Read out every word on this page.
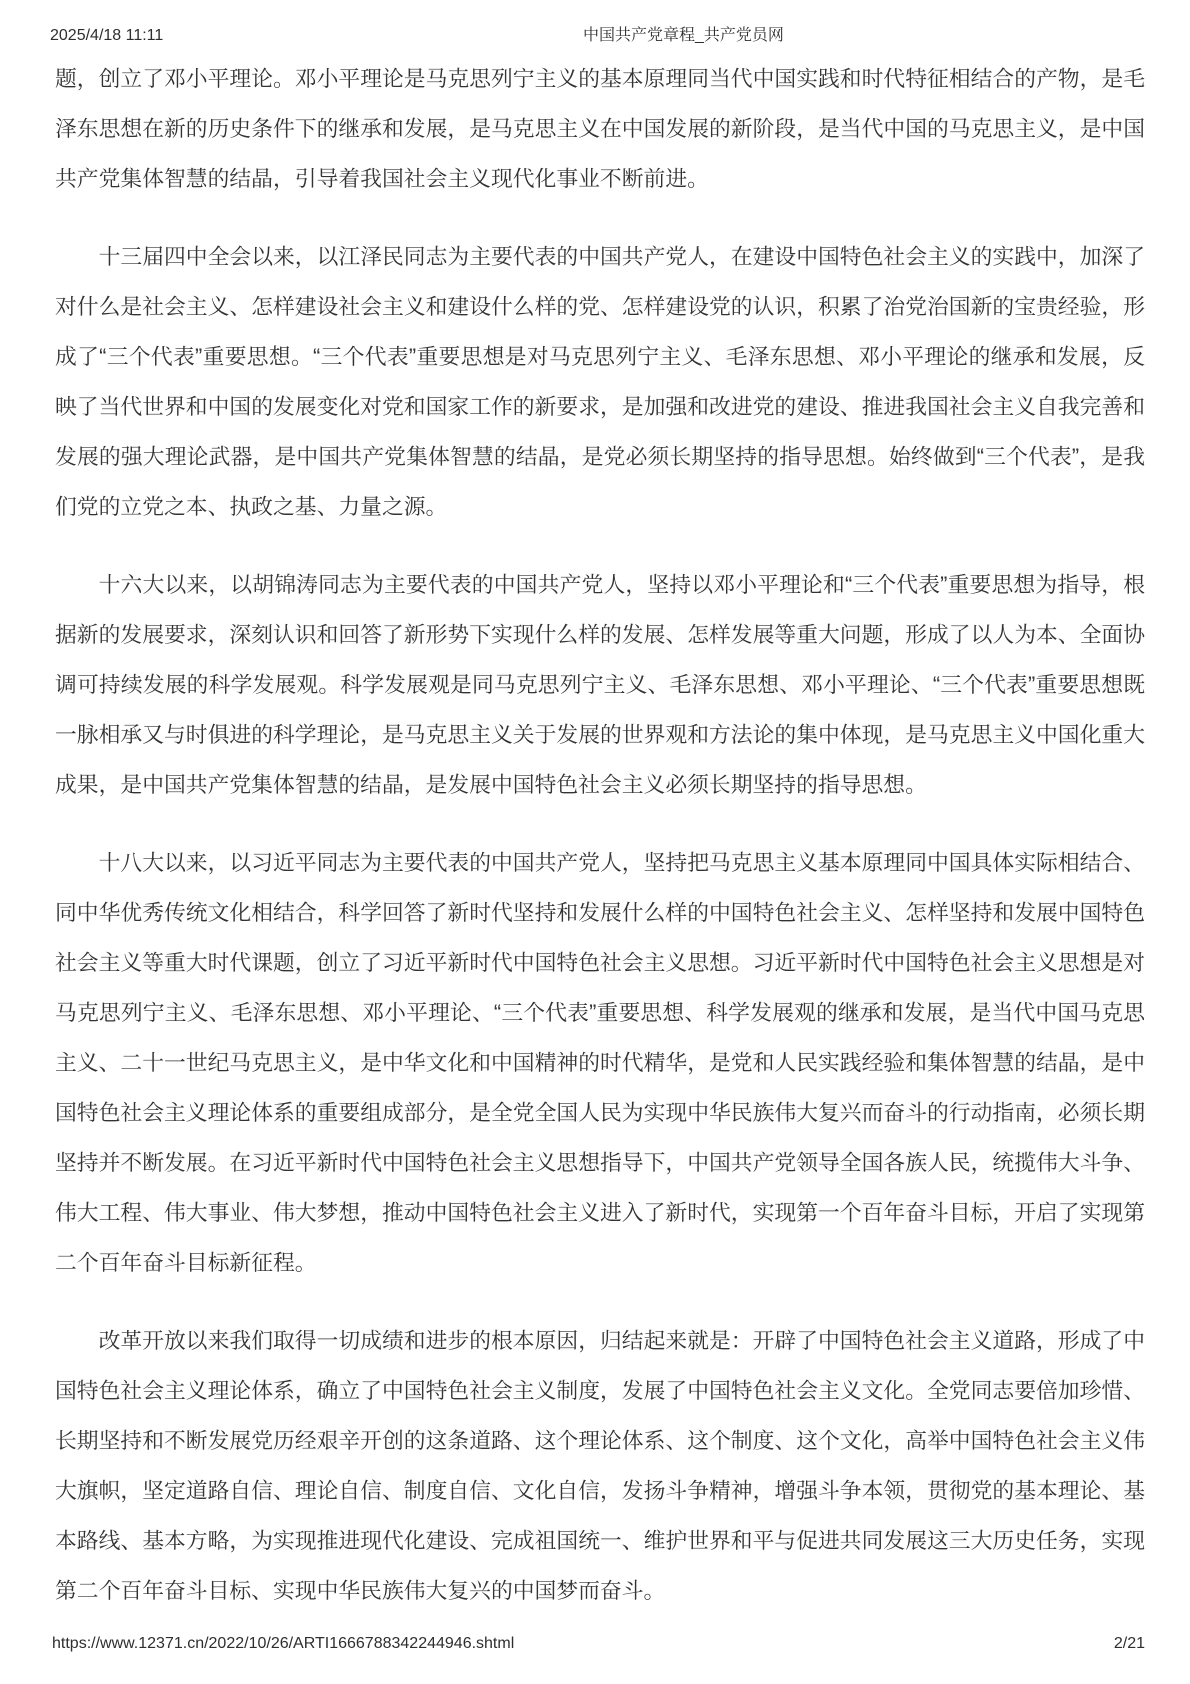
2025/4/18 11:11	中国共产党章程_共产党员网

题，创立了邓小平理论。邓小平理论是马克思列宁主义的基本原理同当代中国实践和时代特征相结合的产物，是毛泽东思想在新的历史条件下的继承和发展，是马克思主义在中国发展的新阶段，是当代中国的马克思主义，是中国共产党集体智慧的结晶，引导着我国社会主义现代化事业不断前进。

十三届四中全会以来，以江泽民同志为主要代表的中国共产党人，在建设中国特色社会主义的实践中，加深了对什么是社会主义、怎样建设社会主义和建设什么样的党、怎样建设党的认识，积累了治党治国新的宝贵经验，形成了“三个代表”重要思想。“三个代表”重要思想是对马克思列宁主义、毛泽东思想、邓小平理论的继承和发展，反映了当代世界和中国的发展变化对党和国家工作的新要求，是加强和改进党的建设、推进我国社会主义自我完善和发展的强大理论武器，是中国共产党集体智慧的结晶，是党必须长期坚持的指导思想。始终做到“三个代表”，是我们党的立党之本、执政之基、力量之源。

十六大以来，以胡锦涛同志为主要代表的中国共产党人，坚持以邓小平理论和“三个代表”重要思想为指导，根据新的发展要求，深刻认识和回答了新形势下实现什么样的发展、怎样发展等重大问题，形成了以人为本、全面协调可持续发展的科学发展观。科学发展观是同马克思列宁主义、毛泽东思想、邓小平理论、“三个代表”重要思想既一脉相承又与时俱进的科学理论，是马克思主义关于发展的世界观和方法论的集中体现，是马克思主义中国化重大成果，是中国共产党集体智慧的结晶，是发展中国特色社会主义必须长期坚持的指导思想。

十八大以来，以习近平同志为主要代表的中国共产党人，坚持把马克思主义基本原理同中国具体实际相结合、同中华优秀传统文化相结合，科学回答了新时代坚持和发展什么样的中国特色社会主义、怎样坚持和发展中国特色社会主义等重大时代课题，创立了习近平新时代中国特色社会主义思想。习近平新时代中国特色社会主义思想是对马克思列宁主义、毛泽东思想、邓小平理论、“三个代表”重要思想、科学发展观的继承和发展，是当代中国马克思主义、二十一世纪马克思主义，是中华文化和中国精神的时代精华，是党和人民实践经验和集体智慧的结晶，是中国特色社会主义理论体系的重要组成部分，是全党全国人民为实现中华民族伟大复兴而奋斗的行动指南，必须长期坚持并不断发展。在习近平新时代中国特色社会主义思想指导下，中国共产党领导全国各族人民，统揽伟大斗争、伟大工程、伟大事业、伟大梦想，推动中国特色社会主义进入了新时代，实现第一个百年奋斗目标，开启了实现第二个百年奋斗目标新征程。

改革开放以来我们取得一切成绩和进步的根本原因，归结起来就是：开辟了中国特色社会主义道路，形成了中国特色社会主义理论体系，确立了中国特色社会主义制度，发展了中国特色社会主义文化。全党同志要倍加珍惜、长期坚持和不断发展党历经艰辛开创的这条道路、这个理论体系、这个制度、这个文化，高举中国特色社会主义伟大旗帜，坚定道路自信、理论自信、制度自信、文化自信，发扬斗争精神，增强斗争本领，贯彻党的基本理论、基本路线、基本方略，为实现推进现代化建设、完成祖国统一、维护世界和平与促进共同发展这三大历史任务，实现第二个百年奋斗目标、实现中华民族伟大复兴的中国梦而奋斗。

https://www.12371.cn/2022/10/26/ARTI1666788342244946.shtml	2/21
